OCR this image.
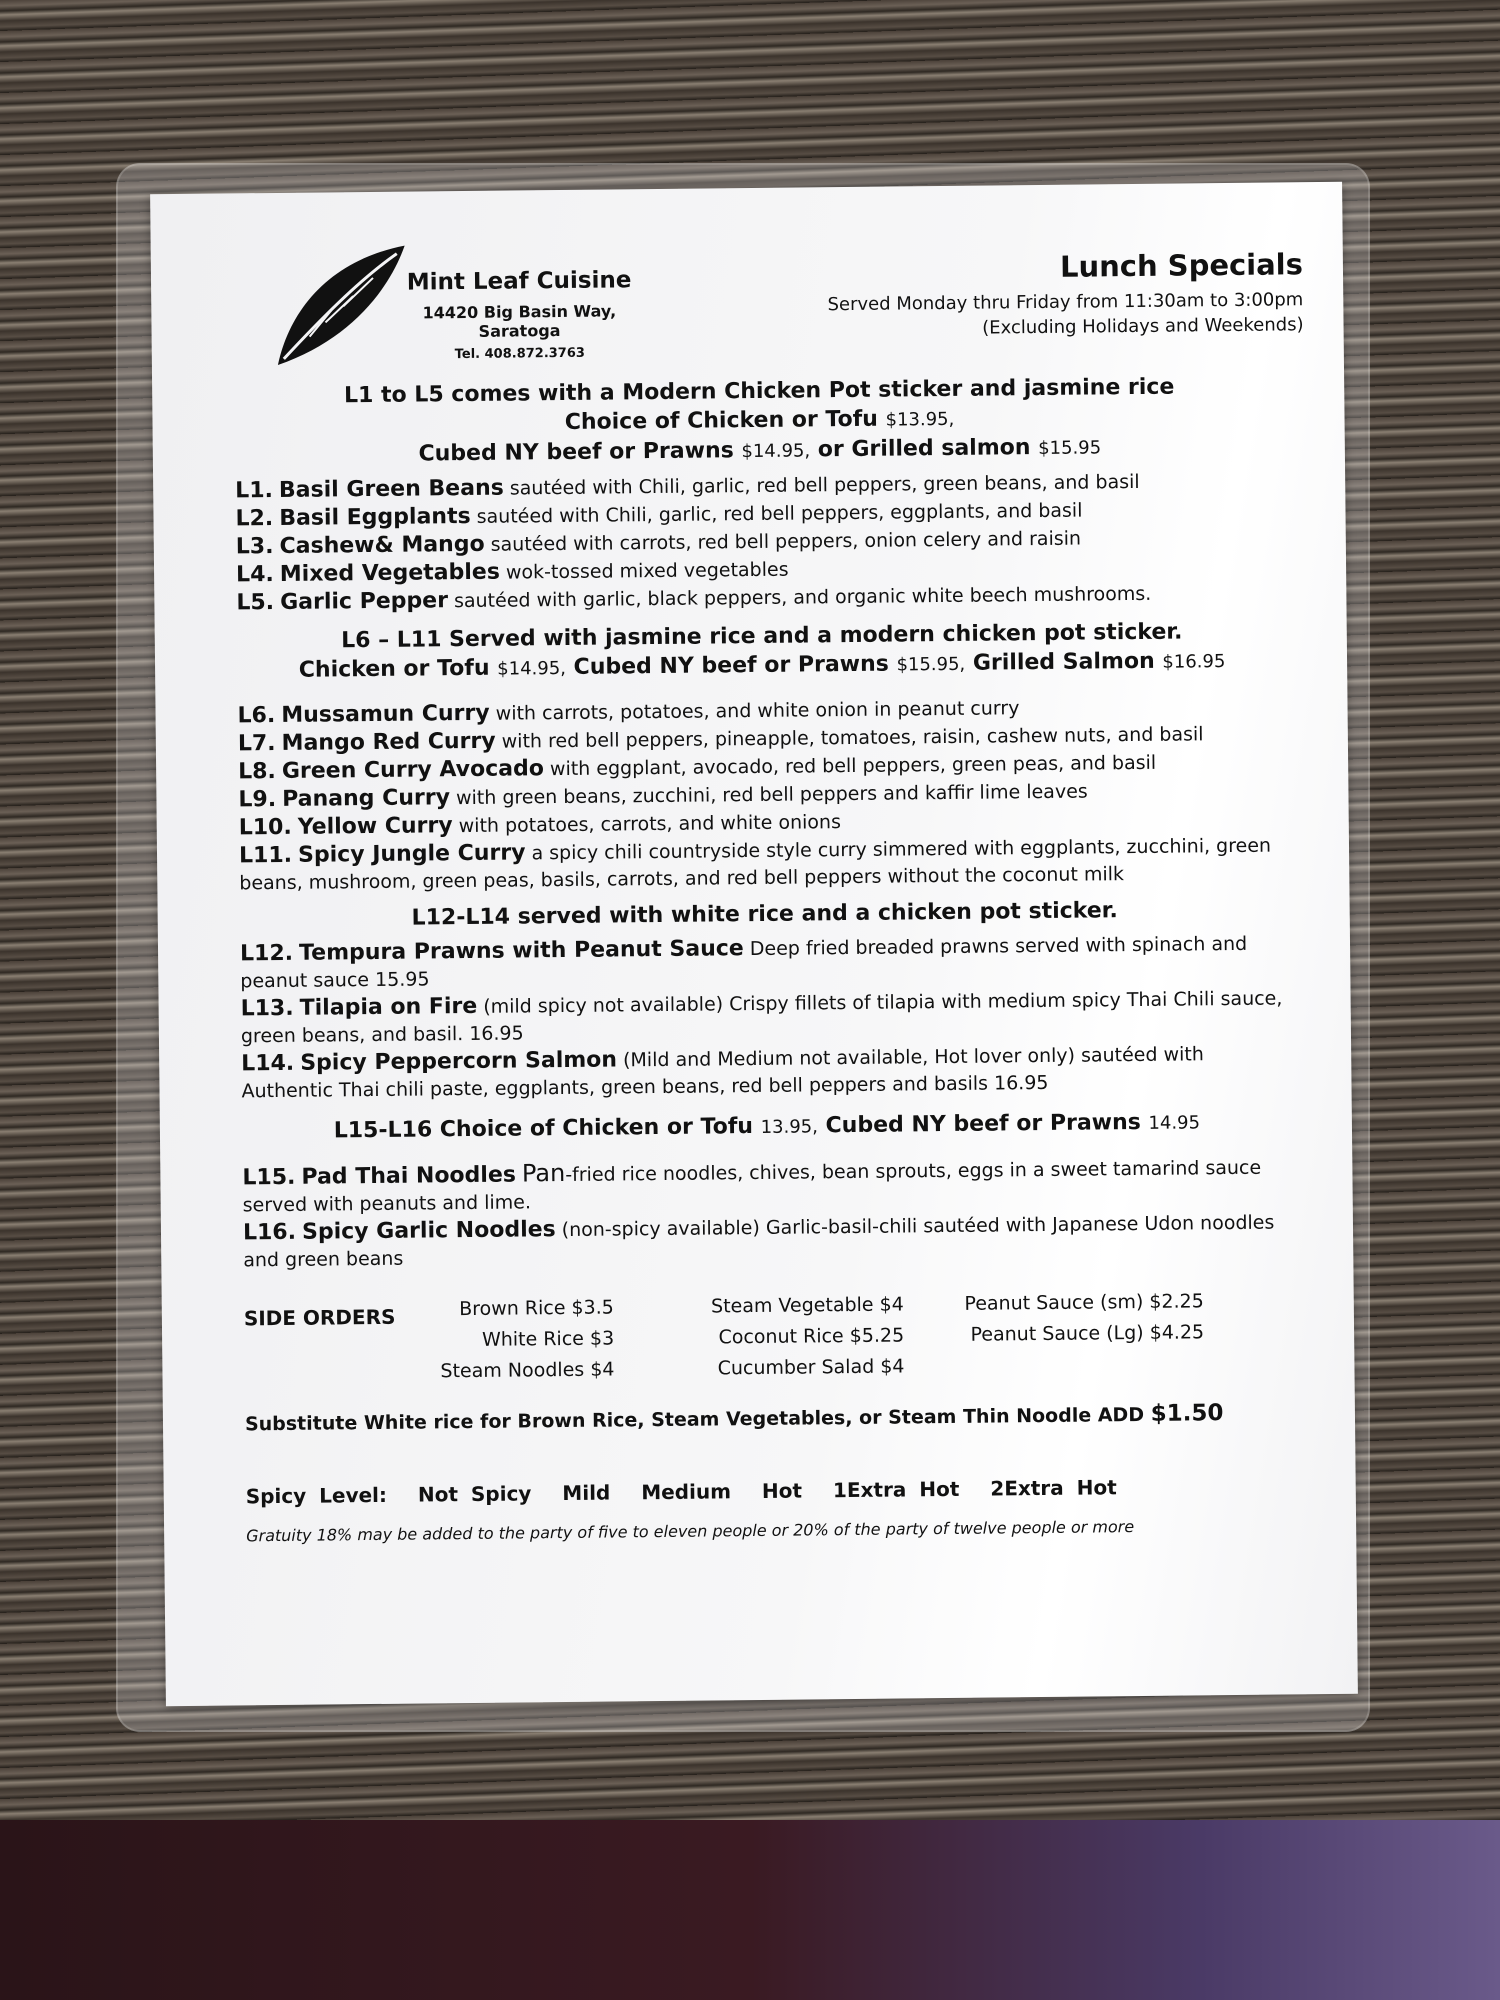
Mint Leaf Cuisine
14420 Big Basin Way, Saratoga
Tel. 408.872.3763
Lunch Specials
Served Monday thru Friday from 11:30am to 3:00pm
(Excluding Holidays and Weekends)
L1 to L5 comes with a Modern Chicken Pot sticker and jasmine rice
Choice of Chicken or Tofu $13.95,
Cubed NY beef or Prawns $14.95, or Grilled salmon $15.95

L1. Basil Green Beans sautéed with Chili, garlic, red bell peppers, green beans, and basil

L2. Basil Eggplants sautéed with Chili, garlic, red bell peppers, eggplants, and basil

L3. Cashew& Mango sautéed with carrots, red bell peppers, onion celery and raisin

L4. Mixed Vegetables wok-tossed mixed vegetables

L5. Garlic Pepper sautéed with garlic, black peppers, and organic white beech mushrooms.

L6 – L11 Served with jasmine rice and a modern chicken pot sticker.
Chicken or Tofu $14.95, Cubed NY beef or Prawns $15.95, Grilled Salmon $16.95

L6. Mussamun Curry with carrots, potatoes, and white onion in peanut curry

L7. Mango Red Curry with red bell peppers, pineapple, tomatoes, raisin, cashew nuts, and basil

L8. Green Curry Avocado with eggplant, avocado, red bell peppers, green peas, and basil

L9. Panang Curry with green beans, zucchini, red bell peppers and kaffir lime leaves

L10. Yellow Curry with potatoes, carrots, and white onions

L11. Spicy Jungle Curry a spicy chili countryside style curry simmered with eggplants, zucchini, green beans, mushroom, green peas, basils, carrots, and red bell peppers without the coconut milk

L12-L14 served with white rice and a chicken pot sticker.

L12. Tempura Prawns with Peanut Sauce Deep fried breaded prawns served with spinach and peanut sauce 15.95

L13. Tilapia on Fire (mild spicy not available) Crispy fillets of tilapia with medium spicy Thai Chili sauce, green beans, and basil. 16.95

L14. Spicy Peppercorn Salmon (Mild and Medium not available, Hot lover only) sautéed with Authentic Thai chili paste, eggplants, green beans, red bell peppers and basils 16.95

L15-L16 Choice of Chicken or Tofu 13.95, Cubed NY beef or Prawns 14.95

L15. Pad Thai Noodles Pan-fried rice noodles, chives, bean sprouts, eggs in a sweet tamarind sauce served with peanuts and lime.

L16. Spicy Garlic Noodles (non-spicy available) Garlic-basil-chili sautéed with Japanese Udon noodles and green beans

SIDE ORDERS	Brown Rice $3.5
White Rice $3
Steam Noodles $4
Steam Vegetable $4
Coconut Rice $5.25
Cucumber Salad $4
Peanut Sauce (sm) $2.25
Peanut Sauce (Lg) $4.25
Substitute White rice for Brown Rice, Steam Vegetables, or Steam Thin Noodle ADD $1.50
Spicy Level: Not Spicy Mild Medium Hot 1Extra Hot 2Extra Hot
Gratuity 18% may be added to the party of five to eleven people or 20% of the party of twelve people or more
